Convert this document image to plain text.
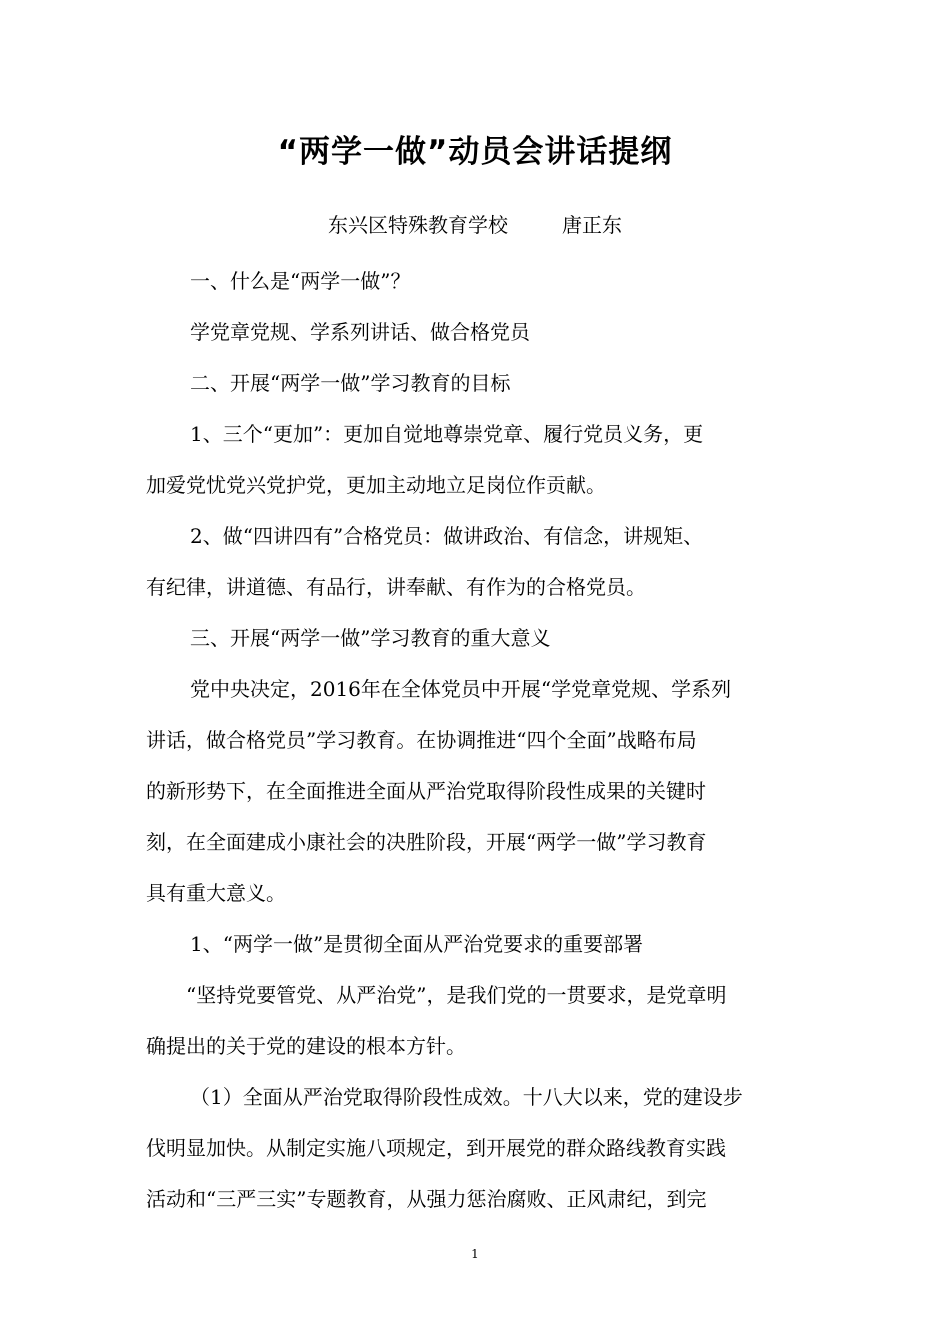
“两学一做”动员会讲话提纲
东兴区特殊教育学校	唐正东
一、什么是“两学一做”？
学党章党规、学系列讲话、做合格党员
二、开展“两学一做”学习教育的目标
1、三个“更加”：更加自觉地尊崇党章、履行党员义务，更
加爱党忧党兴党护党，更加主动地立足岗位作贡献。
2、做“四讲四有”合格党员：做讲政治、有信念，讲规矩、
有纪律，讲道德、有品行，讲奉献、有作为的合格党员。
三、开展“两学一做”学习教育的重大意义
党中央决定，2016年在全体党员中开展“学党章党规、学系列
讲话，做合格党员”学习教育。在协调推进“四个全面”战略布局
的新形势下，在全面推进全面从严治党取得阶段性成果的关键时
刻，在全面建成小康社会的决胜阶段，开展“两学一做”学习教育
具有重大意义。
1、“两学一做”是贯彻全面从严治党要求的重要部署
“坚持党要管党、从严治党”，是我们党的一贯要求，是党章明
确提出的关于党的建设的根本方针。
（1）全面从严治党取得阶段性成效。十八大以来，党的建设步
伐明显加快。从制定实施八项规定，到开展党的群众路线教育实践
活动和“三严三实”专题教育，从强力惩治腐败、正风肃纪，到完
1
